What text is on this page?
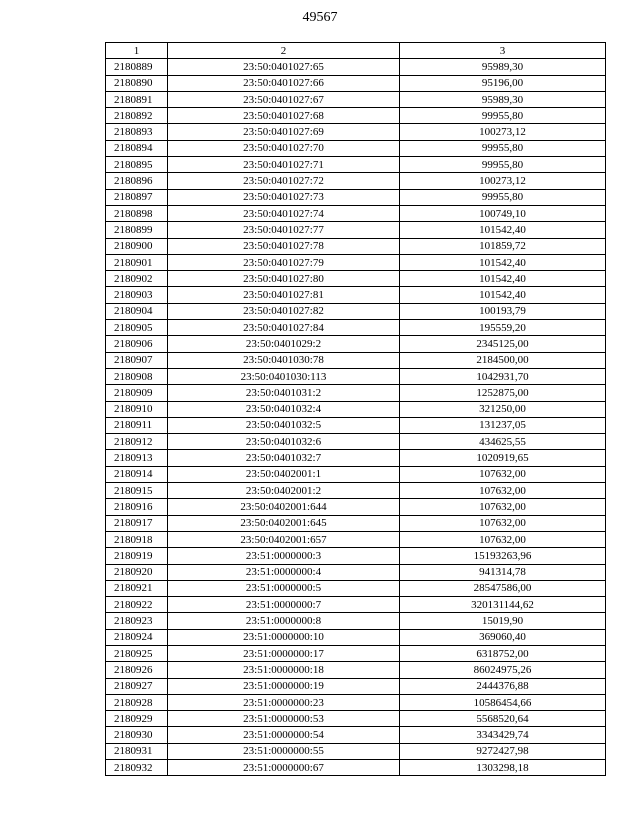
49567
1	2	3
2180889	23:50:0401027:65	95989,30
2180890	23:50:0401027:66	95196,00
2180891	23:50:0401027:67	95989,30
2180892	23:50:0401027:68	99955,80
2180893	23:50:0401027:69	100273,12
2180894	23:50:0401027:70	99955,80
2180895	23:50:0401027:71	99955,80
2180896	23:50:0401027:72	100273,12
2180897	23:50:0401027:73	99955,80
2180898	23:50:0401027:74	100749,10
2180899	23:50:0401027:77	101542,40
2180900	23:50:0401027:78	101859,72
2180901	23:50:0401027:79	101542,40
2180902	23:50:0401027:80	101542,40
2180903	23:50:0401027:81	101542,40
2180904	23:50:0401027:82	100193,79
2180905	23:50:0401027:84	195559,20
2180906	23:50:0401029:2	2345125,00
2180907	23:50:0401030:78	2184500,00
2180908	23:50:0401030:113	1042931,70
2180909	23:50:0401031:2	1252875,00
2180910	23:50:0401032:4	321250,00
2180911	23:50:0401032:5	131237,05
2180912	23:50:0401032:6	434625,55
2180913	23:50:0401032:7	1020919,65
2180914	23:50:0402001:1	107632,00
2180915	23:50:0402001:2	107632,00
2180916	23:50:0402001:644	107632,00
2180917	23:50:0402001:645	107632,00
2180918	23:50:0402001:657	107632,00
2180919	23:51:0000000:3	15193263,96
2180920	23:51:0000000:4	941314,78
2180921	23:51:0000000:5	28547586,00
2180922	23:51:0000000:7	320131144,62
2180923	23:51:0000000:8	15019,90
2180924	23:51:0000000:10	369060,40
2180925	23:51:0000000:17	6318752,00
2180926	23:51:0000000:18	86024975,26
2180927	23:51:0000000:19	2444376,88
2180928	23:51:0000000:23	10586454,66
2180929	23:51:0000000:53	5568520,64
2180930	23:51:0000000:54	3343429,74
2180931	23:51:0000000:55	9272427,98
2180932	23:51:0000000:67	1303298,18
